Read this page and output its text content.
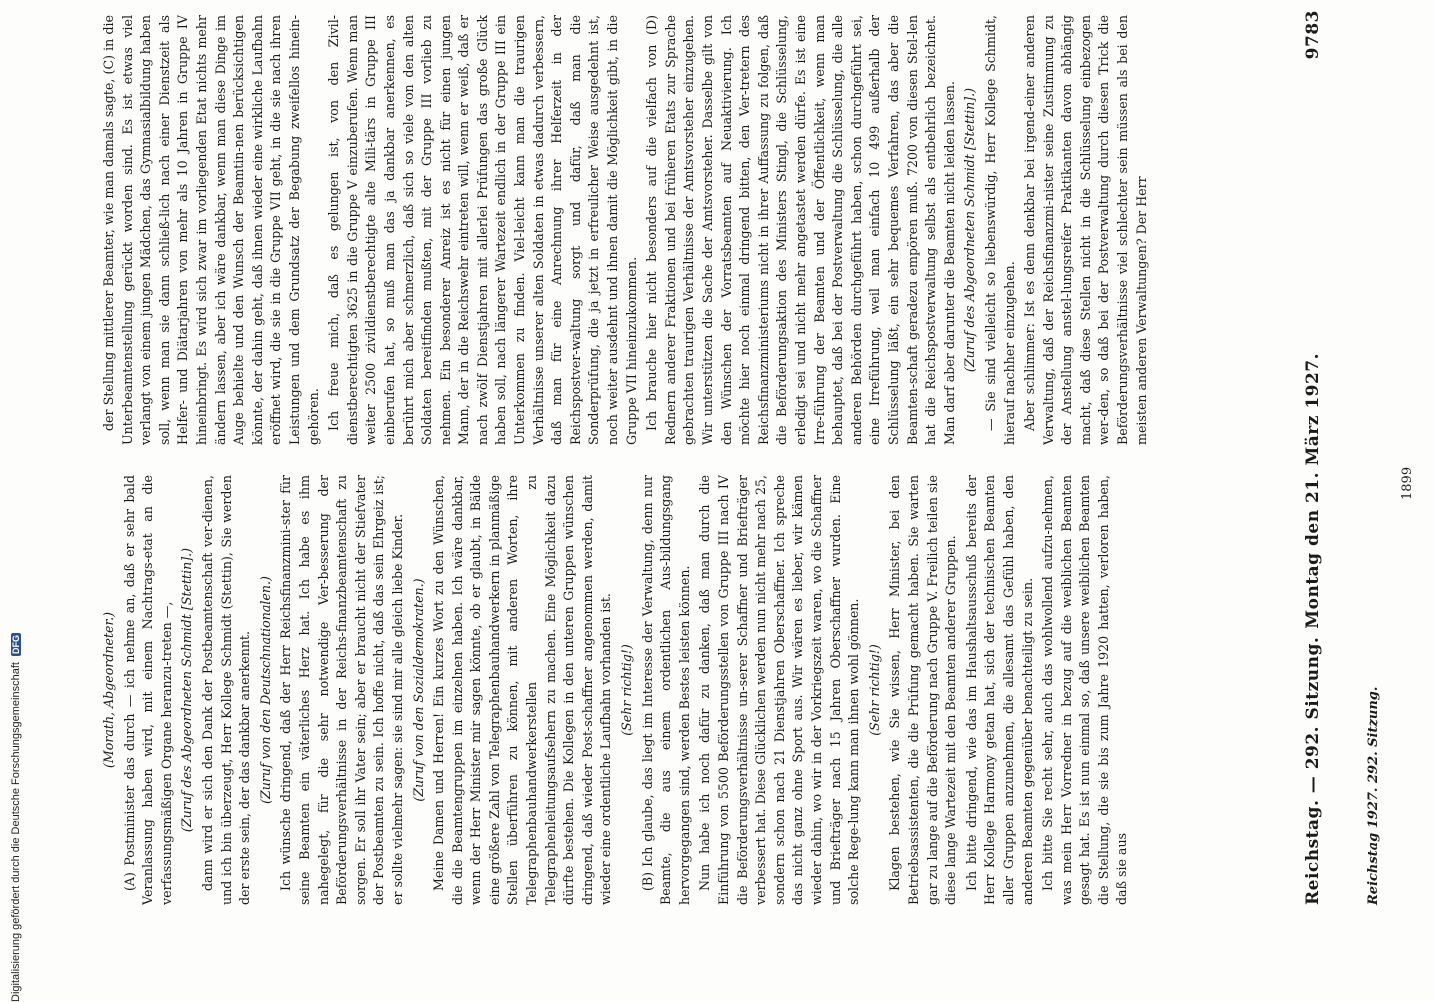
Reichstag. — 292. Sitzung.
Montag den 21. März 1927.
9783

(Morath, Abgeordneter.) (A) Postminister das durch — ich nehme an, daß er sehr bald Veranlassung haben wird, mit einem Nachtrags-etat an die verfassungsmäßigen Organe heranzu-treten —, (Zuruf des Abgeordneten Schmidt [Stettin].) dann wird er sich den Dank der Postbeamtenschaft ver-dienen, und ich bin überzeugt, Herr Kollege Schmidt (Stettin), Sie werden der erste sein, der das dankbar anerkennt. (Zuruf von den Deutschnationalen.) Ich wünsche dringend, daß der Herr Reichsfinanzmini-ster für seine Beamten ein väterliches Herz hat. Ich habe es ihm nahegelegt, für die sehr notwendige Ver-besserung der Beförderungsverhältnisse in der Reichs-finanzbeamtenschaft zu sorgen. Er soll ihr Vater sein; aber er braucht nicht der Stiefvater der Postbeamten zu sein. Ich hoffe nicht, daß das sein Ehrgeiz ist; er sollte vielmehr sagen: sie sind mir alle gleich liebe Kinder. (Zuruf von den Sozialdemokraten.) Meine Damen und Herren! Ein kurzes Wort zu den Wünschen, die die Beamtengruppen im einzelnen haben. Ich wäre dankbar, wenn der Herr Minister mir sagen könnte, ob er glaubt, in Bälde eine größere Zahl von Telegraphenbauhandwerkern in planmäßige Stellen überführen zu können, mit anderen Worten, ihre Telegraphenbauhandwerkerstellen zu Telegraphenleitungsaufsehern zu machen. Eine Möglichkeit dazu dürfte bestehen. Die Kollegen in den unteren Gruppen wünschen dringend, daß wieder Post-schaffner angenommen werden, damit wieder eine ordentliche Laufbahn vorhanden ist. (Sehr richtig!) (B) Ich glaube, das liegt im Interesse der Verwaltung, denn nur Beamte, die aus einem ordentlichen Aus-bildungsgang hervorgegangen sind, werden Bestes leisten können. Nun habe ich noch dafür zu danken, daß man durch die Einführung von 5500 Beförderungsstellen von Gruppe III nach IV die Beförderungsverhältnisse un-serer Schaffner und Briefträger verbessert hat. Diese Glücklichen werden nun nicht mehr nach 25, sondern schon nach 21 Dienstjahren Oberschaffner. Ich spreche das nicht ganz ohne Sport aus. Wir wären es lieber, wir kämen wieder dahin, wo wir in der Vorkriegszeit waren, wo die Schaffner und Briefträger nach 15 Jahren Oberschaffner wurden. Eine solche Rege-lung kann man ihnen wohl gönnen. (Sehr richtig!) Klagen bestehen, wie Sie wissen, Herr Minister, bei den Betriebsassistenten, die die Prüfung gemacht haben. Sie warten gar zu lange auf die Beförderung nach Gruppe V. Freilich teilen sie diese lange Wartezeit mit den Beamten anderer Gruppen. Ich bitte dringend, wie das im Haushaltsausschuß bereits der Herr Kollege Harmony getan hat, sich der technischen Beamten aller Gruppen anzunehmen, die allesamt das Gefühl haben, den anderen Beamten gegenüber benachteiligt zu sein. Ich bitte Sie recht sehr, auch das wohlwollend aufzu-nehmen, was mein Herr Vorredner in bezug auf die weiblichen Beamten gesagt hat. Es ist nun einmal so, daß unsere weiblichen Beamten die Stellung, die sie bis zum Jahre 1920 hatten, verloren haben, daß sie aus

der Stellung mittlerer Beamter, wie man damals sagte, (C) in die Unterbeamtenstellung gerückt worden sind. Es ist etwas viel verlangt von einem jungen Mädchen, das Gymnasialbildung haben soll, wenn man sie dann schließ-lich nach einer Dienstzeit als Helfer- und Diätarjahren von mehr als 10 Jahren in Gruppe IV hineinbringt. Es wird sich zwar im vorliegenden Etat nichts mehr ändern lassen, aber ich wäre dankbar, wenn man diese Dinge im Auge behielte und den Wunsch der Beamtin-nen berücksichtigen könnte, der dahin geht, daß ihnen wieder eine wirkliche Laufbahn eröffnet wird, die sie in die Gruppe VII geht, in die sie nach ihren Leistungen und dem Grundsatz der Begabung zweifellos hinein-gehören. Ich freue mich, daß es gelungen ist, von den Zivil-dienstberechtigten 3625 in die Gruppe V einzuberufen. Wenn man weiter 2500 zivildienstberechtigte alte Mili-tärs in Gruppe III einberufen hat, so muß man das ja dankbar anerkennen, es berührt mich aber schmerzlich, daß sich so viele von den alten Soldaten bereitfinden mußten, mit der Gruppe III vorlieb zu nehmen. Ein besonderer Anreiz ist es nicht für einen jungen Mann, der in die Reichswehr eintreten will, wenn er weiß, daß er nach zwölf Dienstjahren mit allerlei Prüfungen das große Glück haben soll, nach längerer Wartezeit endlich in der Gruppe III ein Unterkommen zu finden. Viel-leicht kann man die traurigen Verhältnisse unserer alten Soldaten in etwas dadurch verbessern, daß man für eine Anrechnung ihrer Helferzeit in der Reichspostver-waltung sorgt und dafür, daß man die Sonderprüfung, die ja jetzt in erfreulicher Weise ausgedehnt ist, noch weiter ausdehnt und ihnen damit die Möglichkeit gibt, in die Gruppe VII hineinzukommen. Ich brauche hier nicht besonders auf die vielfach von (D) Rednern anderer Fraktionen und bei früheren Etats zur Sprache gebrachten traurigen Verhältnisse der Amtsvorsteher einzugehen. Wir unterstützen die Sache der Amtsvorsteher. Dasselbe gilt von den Wünschen der Vorratsbeamten auf Neuaktivierung. Ich möchte hier noch einmal dringend bitten, den Ver-tretern des Reichsfinanzministeriums nicht in ihrer Auffassung zu folgen, daß die Beförderungsaktion des Ministers Stingl, die Schlüsselung, erledigt sei und nicht mehr angetastet werden dürfe. Es ist eine Irre-führung der Beamten und der Öffentlichkeit, wenn man behauptet, daß bei der Postverwaltung die Schlüsselung, die alle anderen Behörden durchgeführt haben, schon durchgeführt sei, eine Irreführung, weil man einfach 10 499 außerhalb der Schlüsselung läßt, ein sehr bequemes Verfahren, das aber die Beamten-schaft geradezu empören muß. 7200 von diesen Stel-len hat die Reichspostverwaltung selbst als entbehrlich bezeichnet. Man darf aber darunter die Beamten nicht leiden lassen. (Zuruf des Abgeordneten Schmidt [Stettin].) — Sie sind vielleicht so liebenswürdig, Herr Kollege Schmidt, hierauf nachher einzugehen. Aber schlimmer: Ist es denn denkbar bei irgend-einer anderen Verwaltung, daß der Reichsfinanzmi-nister seine Zustimmung zu der Anstellung anstel-lungsreifer Praktikanten davon abhängig macht, daß diese Stellen nicht in die Schlüsselung einbezogen wer-den, so daß bei der Postverwaltung durch diesen Trick die Beförderungsverhältnisse viel schlechter sein müssen als bei den meisten anderen Verwaltungen? Der Herr

Reichstag 1927. 292. Sitzung.
1899
Digitalisierung gefördert durch die Deutsche Forschungsgemeinschaft
DFG
